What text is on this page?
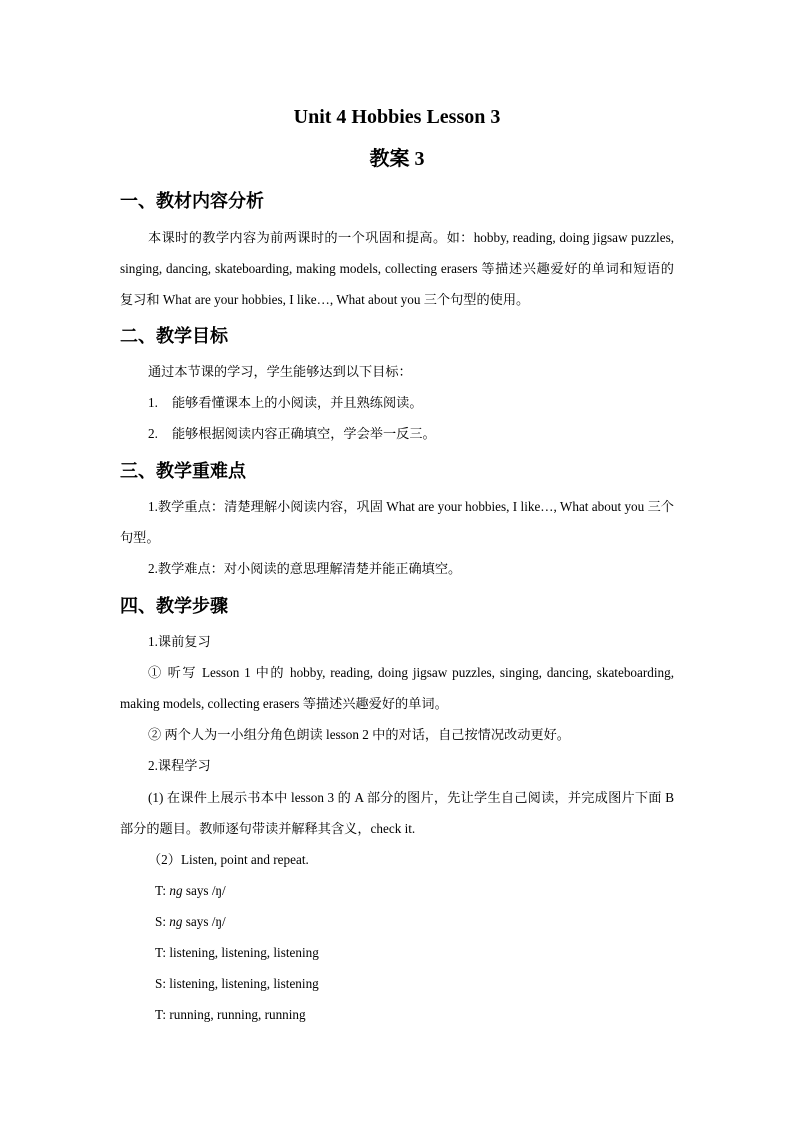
Unit 4 Hobbies Lesson 3
教案 3
一、教材内容分析
本课时的教学内容为前两课时的一个巩固和提高。如：hobby, reading, doing jigsaw puzzles, singing, dancing, skateboarding, making models, collecting erasers 等描述兴趣爱好的单词和短语的复习和 What are your hobbies, I like…, What about you 三个句型的使用。
二、教学目标
通过本节课的学习，学生能够达到以下目标：
1. 能够看懂课本上的小阅读，并且熟练阅读。
2. 能够根据阅读内容正确填空，学会举一反三。
三、教学重难点
1.教学重点：清楚理解小阅读内容，巩固 What are your hobbies, I like…, What about you 三个句型。
2.教学难点：对小阅读的意思理解清楚并能正确填空。
四、教学步骤
1.课前复习
① 听写 Lesson 1 中的 hobby, reading, doing jigsaw puzzles, singing, dancing, skateboarding, making models, collecting erasers 等描述兴趣爱好的单词。
② 两个人为一小组分角色朗读 lesson 2 中的对话，自己按情况改动更好。
2.课程学习
(1) 在课件上展示书本中 lesson 3 的 A 部分的图片，先让学生自己阅读，并完成图片下面 B 部分的题目。教师逐句带读并解释其含义，check it.
（2）Listen, point and repeat.
T: ng says /ŋ/
S: ng says /ŋ/
T: listening, listening, listening
S: listening, listening, listening
T: running, running, running
